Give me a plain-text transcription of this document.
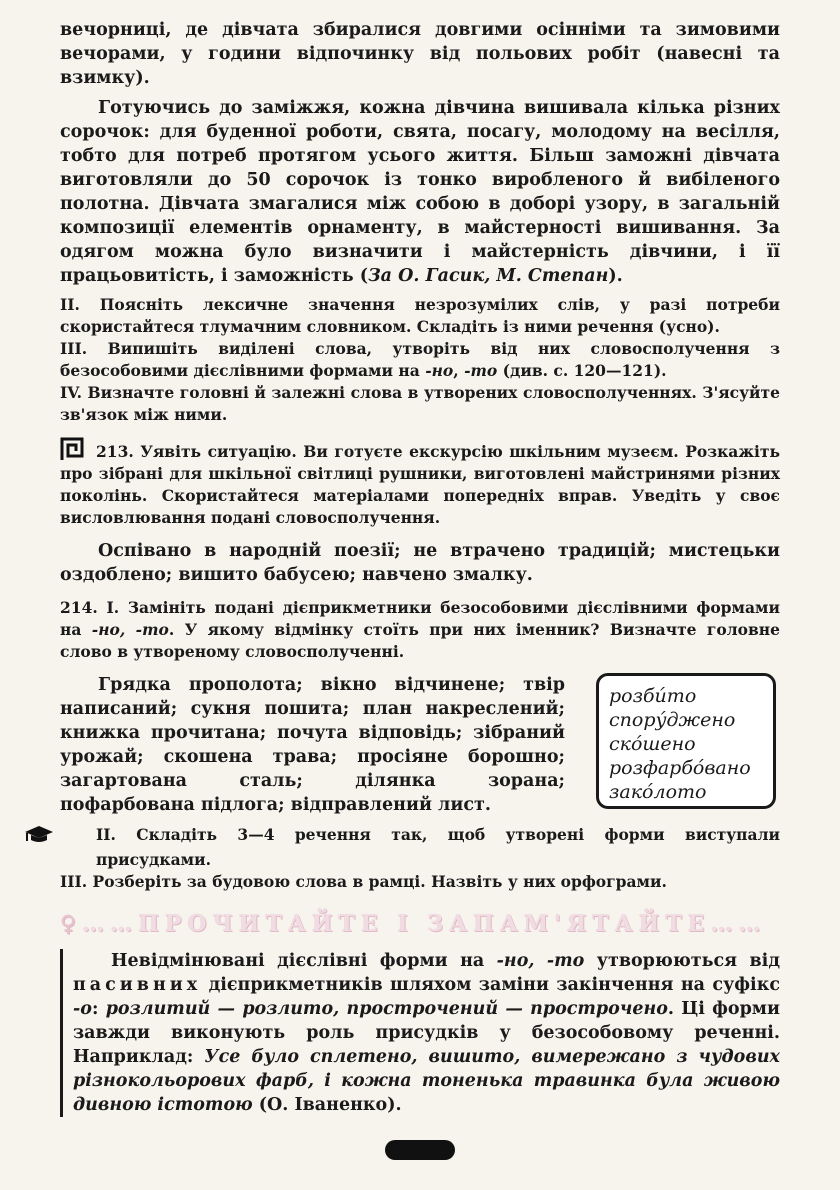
вечорниці, де дівчата збиралися довгими осінніми та зимовими вечорами, у години відпочинку від польових робіт (навесні та взимку).

Готуючись до заміжжя, кожна дівчина вишивала кілька різних сорочок: для буденної роботи, свята, посагу, молодому на весілля, тобто для потреб протягом усього життя. Більш заможні дівчата виготовляли до 50 сорочок із тонко виробленого й вибіленого полотна. Дівчата змагалися між собою в доборі узору, в загальній композиції елементів орнаменту, в майстерності вишивання. За одягом можна було визначити і майстерність дівчини, і її працьовитість, і заможність (За О. Гасик, М. Степан).

II. Поясніть лексичне значення незрозумілих слів, у разі потреби скористайтеся тлумачним словником. Складіть із ними речення (усно).

III. Випишіть виділені слова, утворіть від них словосполучення з безособовими дієслівними формами на -но, -то (див. с. 120—121).

IV. Визначте головні й залежні слова в утворених словосполученнях. З'ясуйте зв'язок між ними.

213. Уявіть ситуацію. Ви готуєте екскурсію шкільним музеєм. Розкажіть про зібрані для шкільної світлиці рушники, виготовлені майстринями різних поколінь. Скористайтеся матеріалами попередніх вправ. Уведіть у своє висловлювання подані словосполучення.

Оспівано в народній поезії; не втрачено традицій; мистецьки оздоблено; вишито бабусею; навчено змалку.

214. I. Замініть подані дієприкметники безособовими дієслівними формами на -но, -то. У якому відмінку стоїть при них іменник? Визначте головне слово в утвореному словосполученні.

Грядка прополота; вікно відчинене; твір написаний; сукня пошита; план накреслений; книжка прочитана; почута відповідь; зібраний урожай; скошена трава; просіяне борошно; загартована сталь; ділянка зорана; пофарбована підлога; відправлений лист.

розби́то
спору́джено
ско́шено
розфарбо́вано
зако́лото

II. Складіть 3—4 речення так, щоб утворені форми виступали присудками.

III. Розберіть за будовою слова в рамці. Назвіть у них орфограми.

♀……ПРОЧИТАЙТЕ І ЗАПАМ'ЯТАЙТЕ……

Невідмінювані дієслівні форми на -но, -то утворюються від пасивних дієприкметників шляхом заміни закінчення на суфікс -о: розлитий — розлито, прострочений — прострочено. Ці форми завжди виконують роль присудків у безособовому реченні. Наприклад: Усе було сплетено, вишито, вимережано з чудових різнокольорових фарб, і кожна тоненька травинка була живою дивною істотою (О. Іваненко).
